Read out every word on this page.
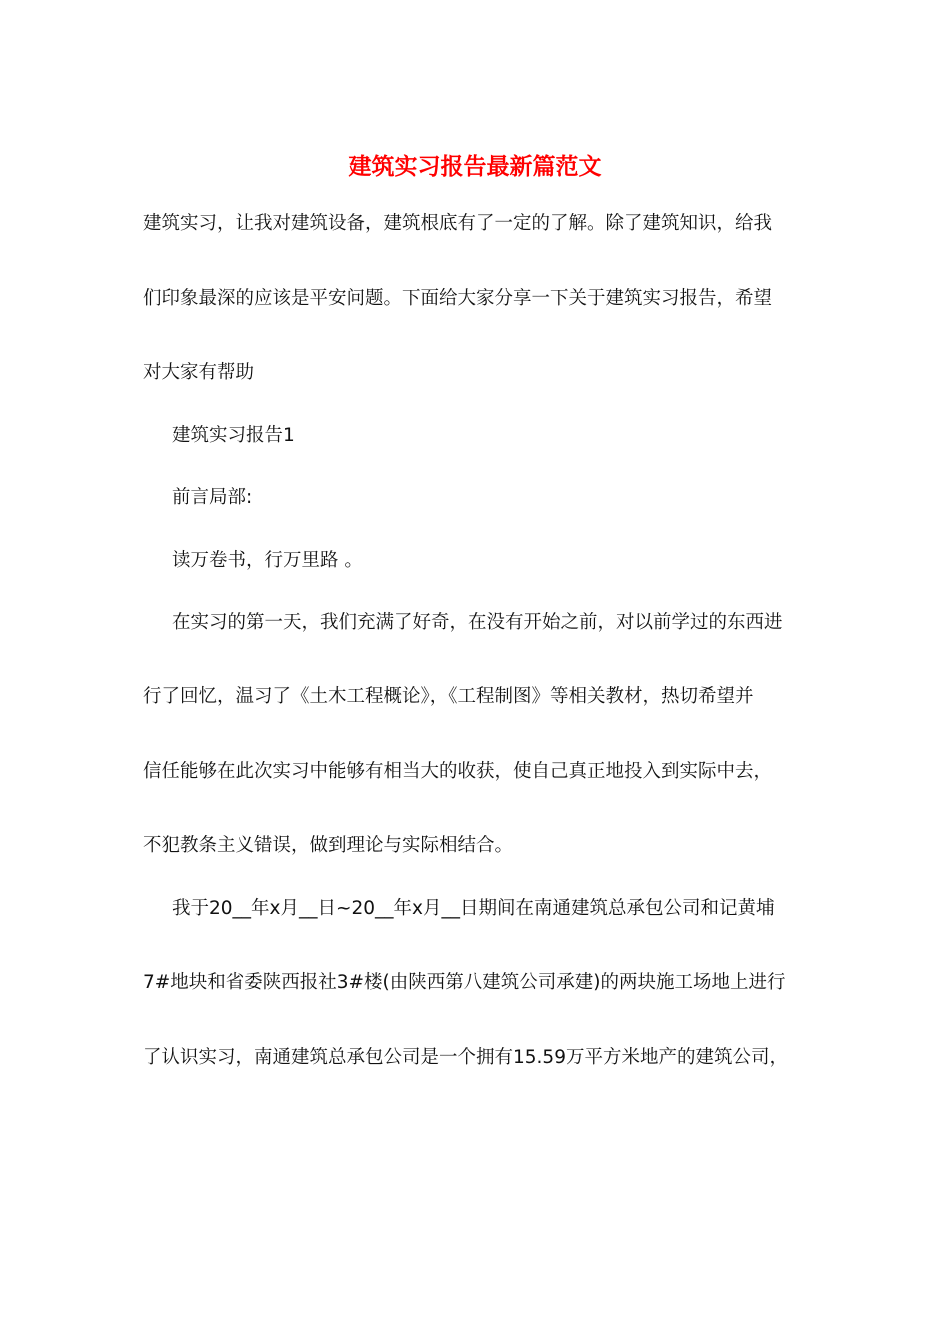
建筑实习报告最新篇范文
建筑实习，让我对建筑设备，建筑根底有了一定的了解。除了建筑知识，给我
们印象最深的应该是平安问题。下面给大家分享一下关于建筑实习报告，希望
对大家有帮助
建筑实习报告1
前言局部:
读万卷书，行万里路 。
在实习的第一天，我们充满了好奇，在没有开始之前，对以前学过的东西进
行了回忆，温习了《土木工程概论》，《工程制图》等相关教材，热切希望并
信任能够在此次实习中能够有相当大的收获，使自己真正地投入到实际中去，
不犯教条主义错误，做到理论与实际相结合。
我于20__年x月__日~20__年x月__日期间在南通建筑总承包公司和记黄埔
7#地块和省委陕西报社3#楼(由陕西第八建筑公司承建)的两块施工场地上进行
了认识实习，南通建筑总承包公司是一个拥有15.59万平方米地产的建筑公司，
